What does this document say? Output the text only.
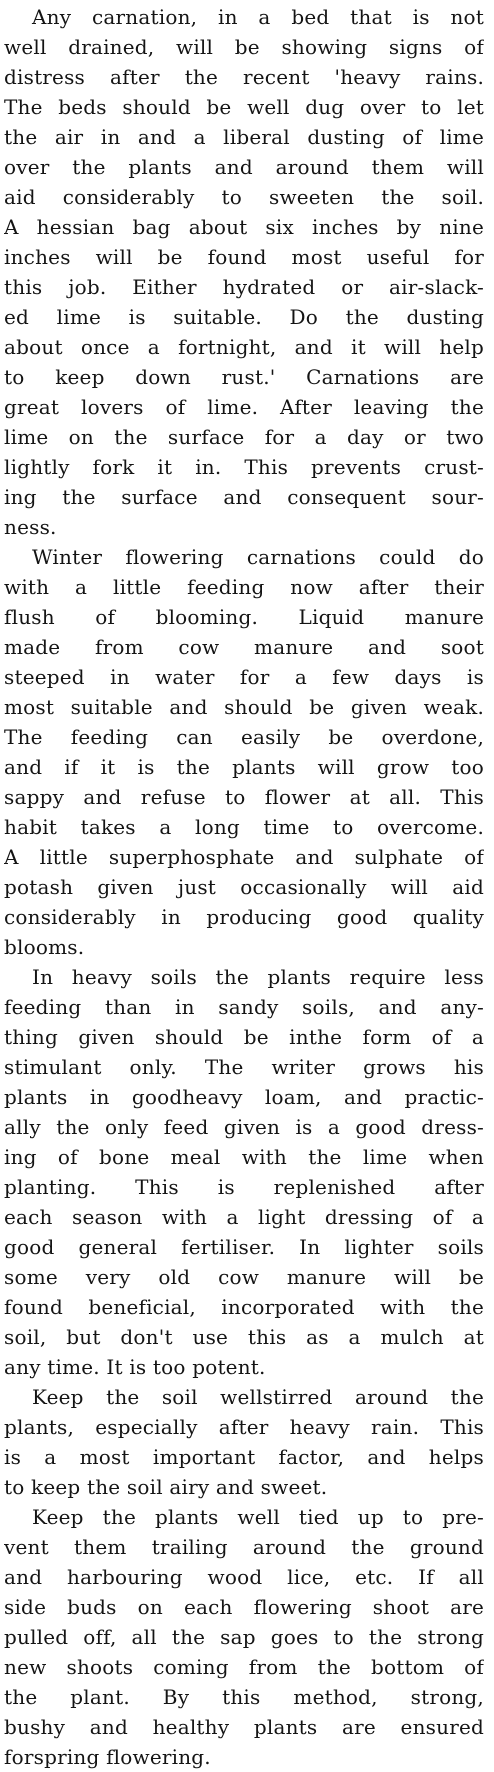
Any carnation, in a bed that is not
well drained, will be showing signs of
distress after the recent 'heavy rains.
The beds should be well dug over to let
the air in and a liberal dusting of lime
over the plants and around them will
aid considerably to sweeten the soil.
A hessian bag about six inches by nine
inches will be found most useful for
this job. Either hydrated or air-slack-
ed lime is suitable. Do the dusting
about once a fortnight, and it will help
to keep down rust.' Carnations are
great lovers of lime. After leaving the
lime on the surface for a day or two
lightly fork it in. This prevents crust-
ing the surface and consequent sour-
ness.
Winter flowering carnations could do
with a little feeding now after their
flush of blooming. Liquid manure
made from cow manure and soot
steeped in water for a few days is
most suitable and should be given weak.
The feeding can easily be overdone,
and if it is the plants will grow too
sappy and refuse to flower at all. This
habit takes a long time to overcome.
A little superphosphate and sulphate of
potash given just occasionally will aid
considerably in producing good quality
blooms.
In heavy soils the plants require less
feeding than in sandy soils, and any-
thing given should be inthe form of a
stimulant only. The writer grows his
plants in goodheavy loam, and practic-
ally the only feed given is a good dress-
ing of bone meal with the lime when
planting. This is replenished after
each season with a light dressing of a
good general fertiliser. In lighter soils
some very old cow manure will be
found beneficial, incorporated with the
soil, but don't use this as a mulch at
any time. It is too potent.
Keep the soil wellstirred around the
plants, especially after heavy rain. This
is a most important factor, and helps
to keep the soil airy and sweet.
Keep the plants well tied up to pre-
vent them trailing around the ground
and harbouring wood lice, etc. If all
side buds on each flowering shoot are
pulled off, all the sap goes to the strong
new shoots coming from the bottom of
the plant. By this method, strong,
bushy and healthy plants are ensured
forspring flowering.
